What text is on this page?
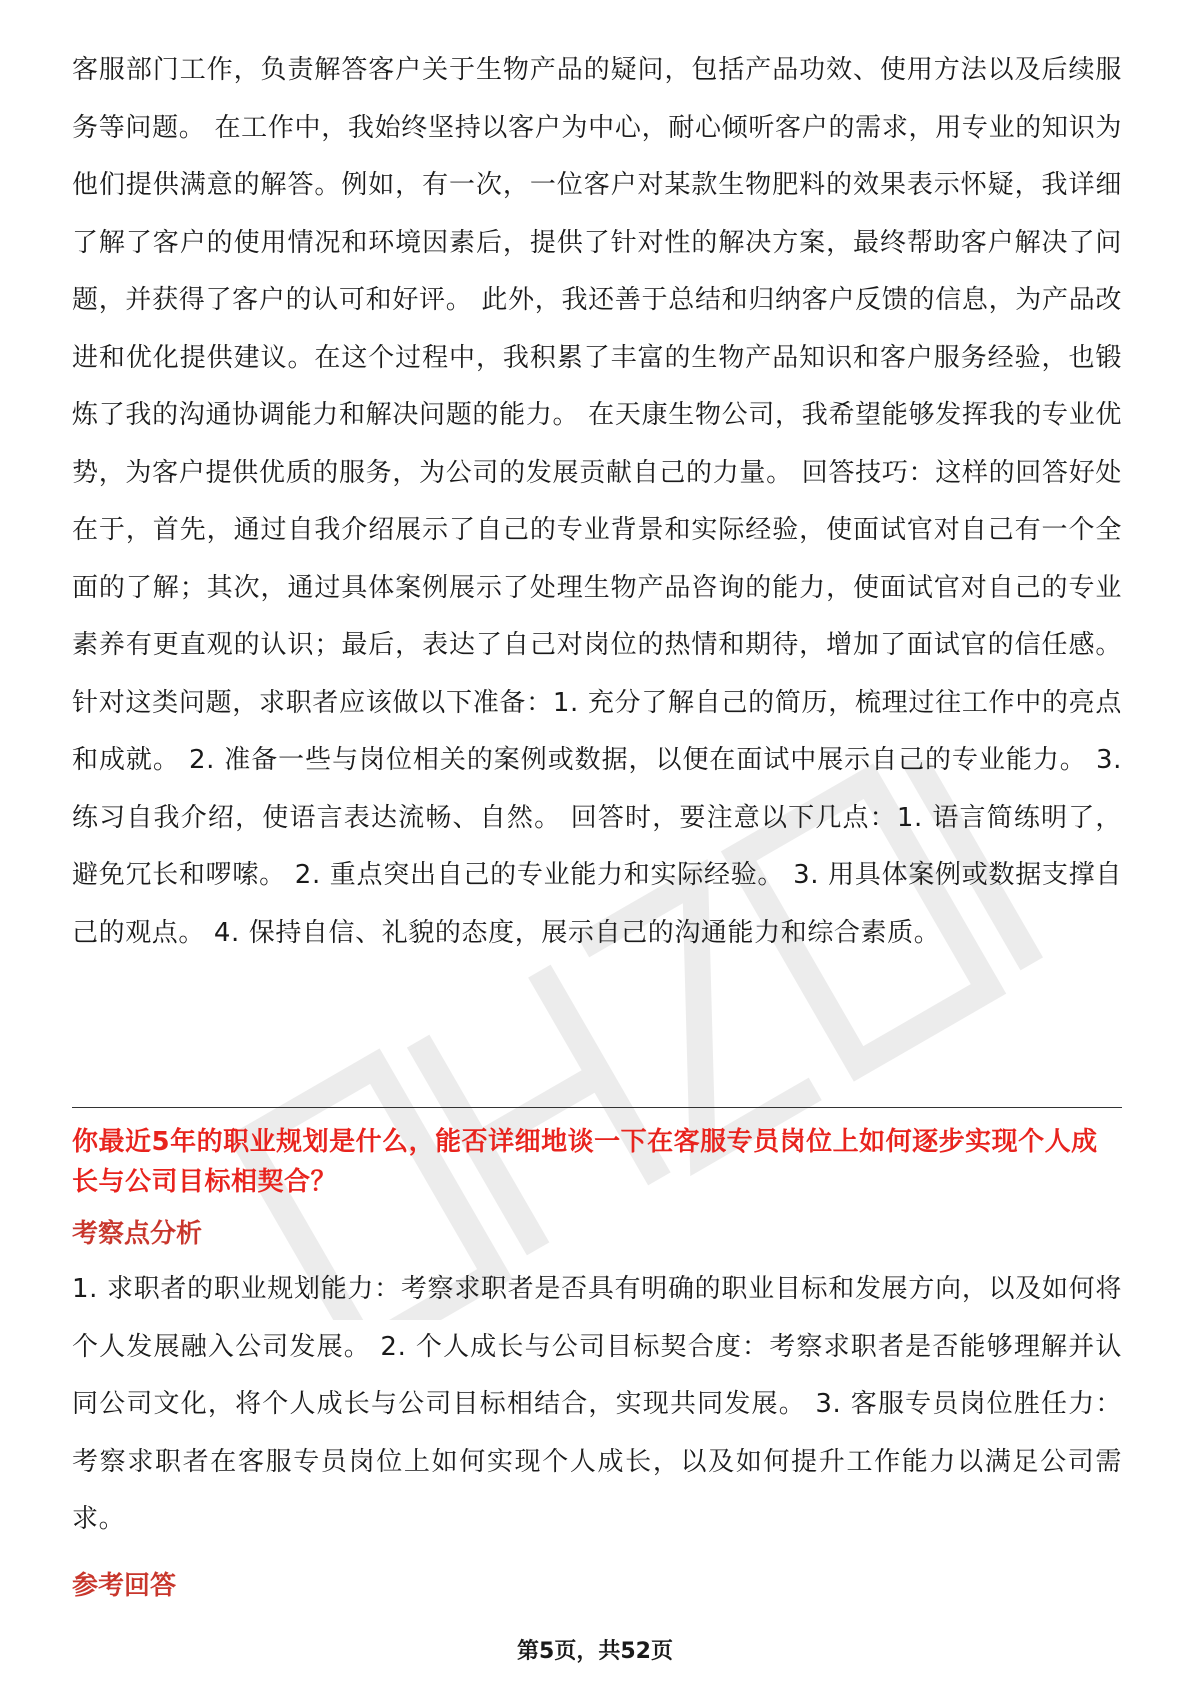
客服部门工作，负责解答客户关于生物产品的疑问，包括产品功效、使用方法以及后续服务等问题。 在工作中，我始终坚持以客户为中心，耐心倾听客户的需求，用专业的知识为他们提供满意的解答。例如，有一次，一位客户对某款生物肥料的效果表示怀疑，我详细了解了客户的使用情况和环境因素后，提供了针对性的解决方案，最终帮助客户解决了问题，并获得了客户的认可和好评。 此外，我还善于总结和归纳客户反馈的信息，为产品改进和优化提供建议。在这个过程中，我积累了丰富的生物产品知识和客户服务经验，也锻炼了我的沟通协调能力和解决问题的能力。 在天康生物公司，我希望能够发挥我的专业优势，为客户提供优质的服务，为公司的发展贡献自己的力量。 回答技巧：这样的回答好处在于，首先，通过自我介绍展示了自己的专业背景和实际经验，使面试官对自己有一个全面的了解；其次，通过具体案例展示了处理生物产品咨询的能力，使面试官对自己的专业素养有更直观的认识；最后，表达了自己对岗位的热情和期待，增加了面试官的信任感。针对这类问题，求职者应该做以下准备：1. 充分了解自己的简历，梳理过往工作中的亮点和成就。 2. 准备一些与岗位相关的案例或数据，以便在面试中展示自己的专业能力。 3. 练习自我介绍，使语言表达流畅、自然。 回答时，要注意以下几点：1. 语言简练明了，避免冗长和啰嗦。 2. 重点突出自己的专业能力和实际经验。 3. 用具体案例或数据支撑自己的观点。 4. 保持自信、礼貌的态度，展示自己的沟通能力和综合素质。

你最近5年的职业规划是什么，能否详细地谈一下在客服专员岗位上如何逐步实现个人成长与公司目标相契合？

考察点分析

1. 求职者的职业规划能力：考察求职者是否具有明确的职业目标和发展方向，以及如何将个人发展融入公司发展。 2. 个人成长与公司目标契合度：考察求职者是否能够理解并认同公司文化，将个人成长与公司目标相结合，实现共同发展。 3. 客服专员岗位胜任力：考察求职者在客服专员岗位上如何实现个人成长，以及如何提升工作能力以满足公司需求。

参考回答

第5页，共52页
